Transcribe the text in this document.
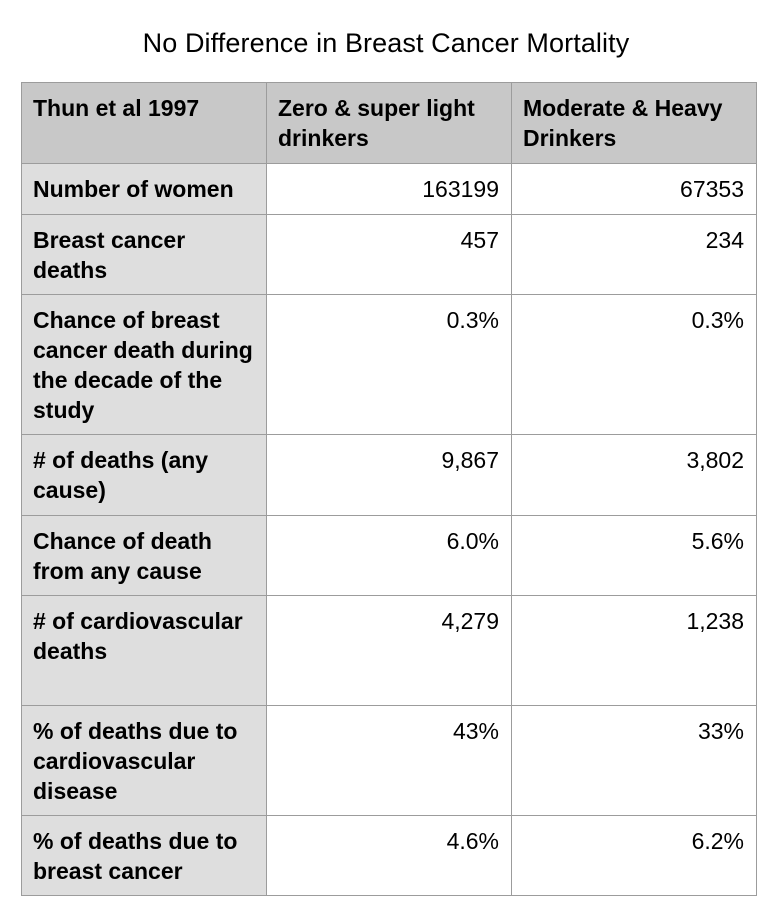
No Difference in Breast Cancer Mortality
Thun et al 1997	Zero & super light drinkers	Moderate & Heavy Drinkers
Number of women	163199	67353
Breast cancer deaths	457	234
Chance of breast cancer death during the decade of the study	0.3%	0.3%
# of deaths (any cause)	9,867	3,802
Chance of death from any cause	6.0%	5.6%
# of cardiovascular deaths	4,279	1,238
% of deaths due to cardiovascular disease	43%	33%
% of deaths due to breast cancer	4.6%	6.2%
